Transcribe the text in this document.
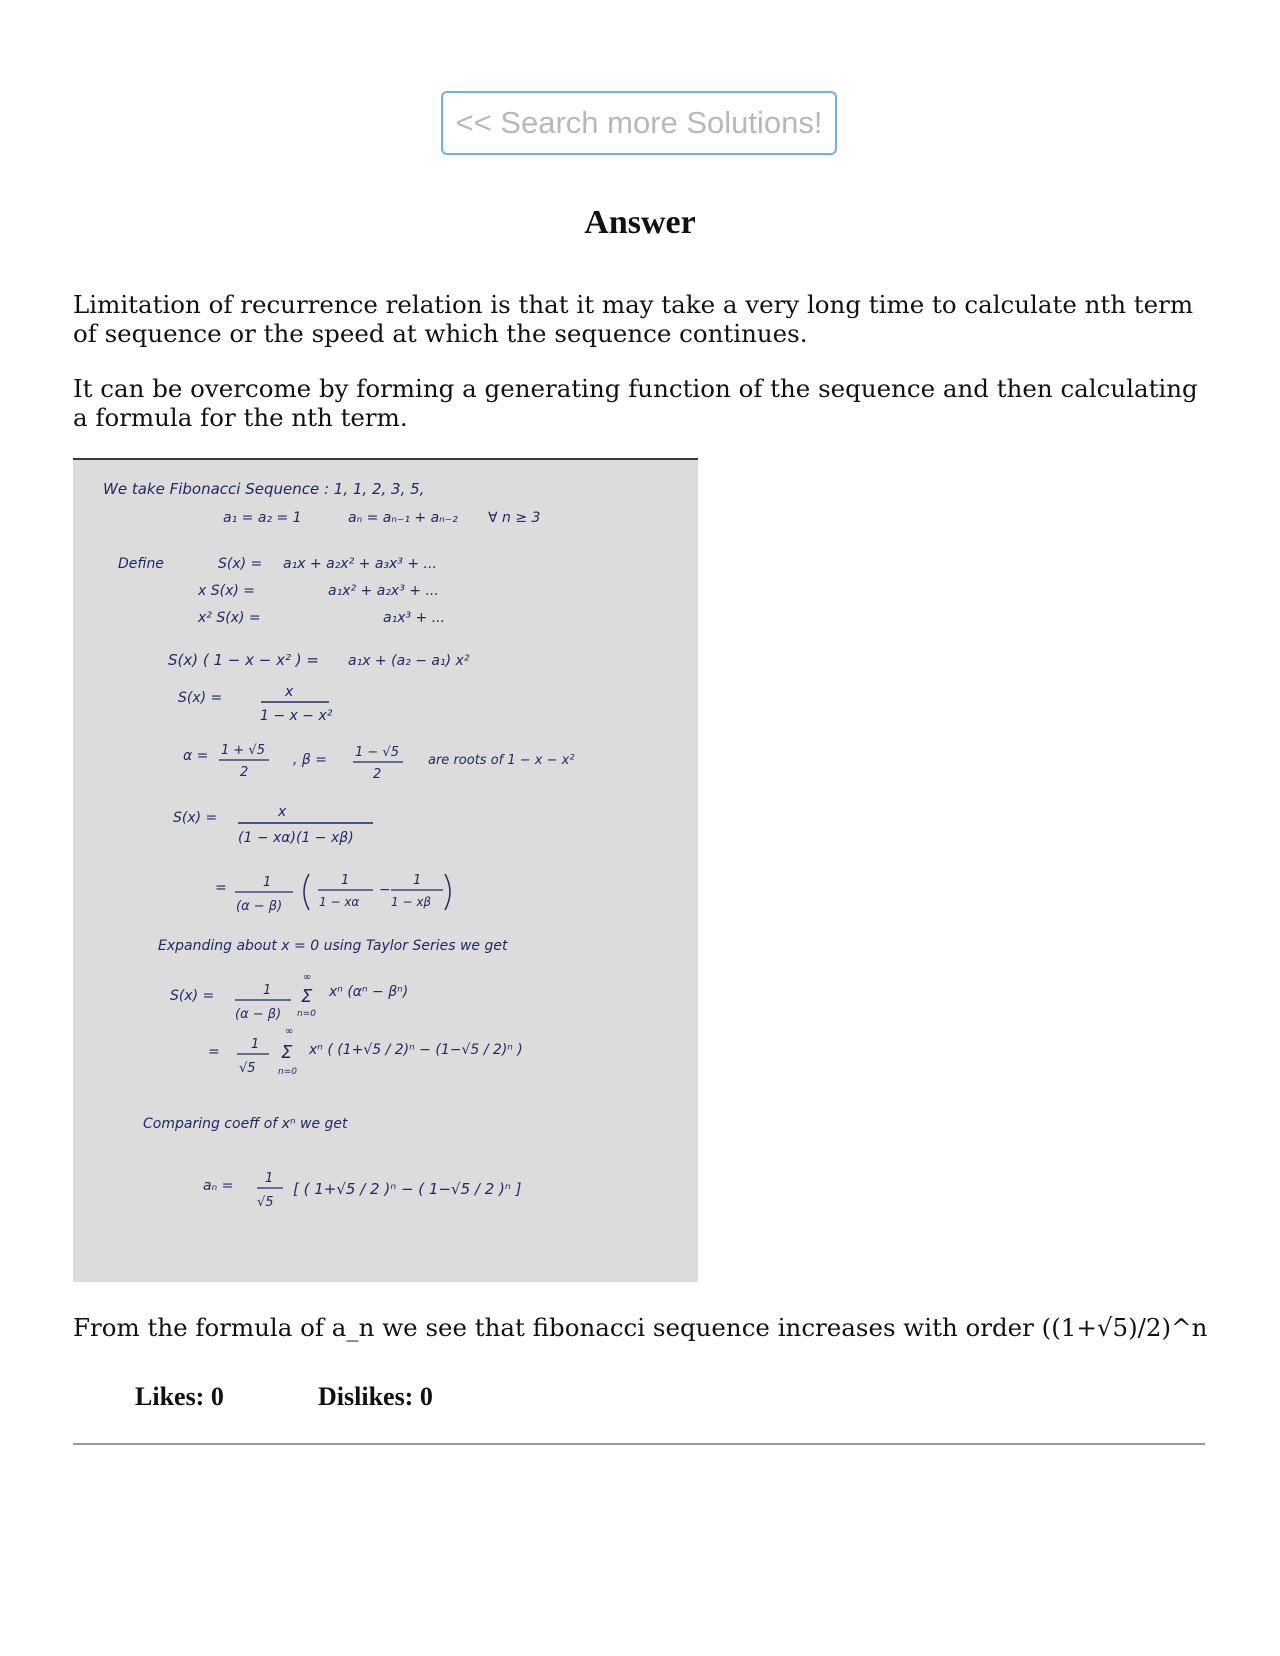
<< Search more Solutions!
Answer

Limitation of recurrence relation is that it may take a very long time to calculate nth term of sequence or the speed at which the sequence continues.

It can be overcome by forming a generating function of the sequence and then calculating a formula for the nth term.

We take Fibonacci Sequence : 1, 1, 2, 3, 5,
a₁ = a₂ = 1	aₙ = aₙ₋₁ + aₙ₋₂ ∀ n ≥ 3
Define	S(x) = a₁x + a₂x² + a₃x³ + ...
x S(x) =	a₁x² + a₂x³ + ...
x² S(x) =	a₁x³ + ...
S(x) ( 1 − x − x² ) = a₁x + (a₂ − a₁) x²
S(x) =	x
1 − x − x²
α = 1 + √5
2
, β = 1 − √5
2
are roots of 1 − x − x²
S(x) =	x
(1 − xα)(1 − xβ)
=	1
(α − β)
1
1 − xα
−
1
1 − xβ
Expanding about x = 0 using Taylor Series we get
S(x) =	1
(α − β)
∞
Σ
n=0
xⁿ (αⁿ − βⁿ)
= 1
√5
∞
Σ
n=0
xⁿ ( (1+√5 / 2)ⁿ − (1−√5 / 2)ⁿ )
Comparing coeff of xⁿ we get
aₙ = 1
√5
[ ( 1+√5 / 2 )ⁿ − ( 1−√5 / 2 )ⁿ ]

From the formula of a_n we see that fibonacci sequence increases with order ((1+√5)/2)^n

Likes: 0	Dislikes: 0
